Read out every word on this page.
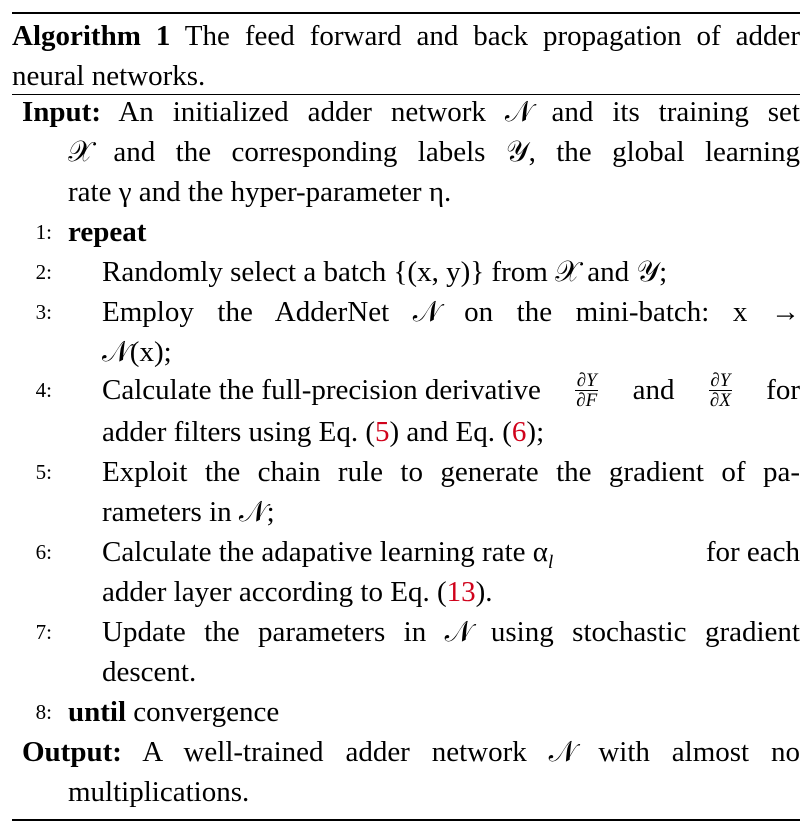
Algorithm 1 The feed forward and back propagation of adder neural networks.
Input: An initialized adder network 𝒩 and its training set
𝒳 and the corresponding labels 𝒴, the global learning
rate γ and the hyper-parameter η.
1: repeat
2: Randomly select a batch {(x, y)} from 𝒳 and 𝒴;
3: Employ the AdderNet 𝒩 on the mini-batch: x →
𝒩(x);
4: Calculate the full-precision derivative $\frac{\partial Y}{\partial F}$ and $\frac{\partial Y}{\partial X}$ for
adder filters using Eq. (5) and Eq. (6);
5: Exploit the chain rule to generate the gradient of pa-
rameters in 𝒩;
6: Calculate the adapative learning rate $\alpha_l$	for each
adder layer according to Eq. (13).
7: Update the parameters in 𝒩 using stochastic gradient
descent.
8: until convergence
Output: A well-trained adder network 𝒩 with almost no
multiplications.
